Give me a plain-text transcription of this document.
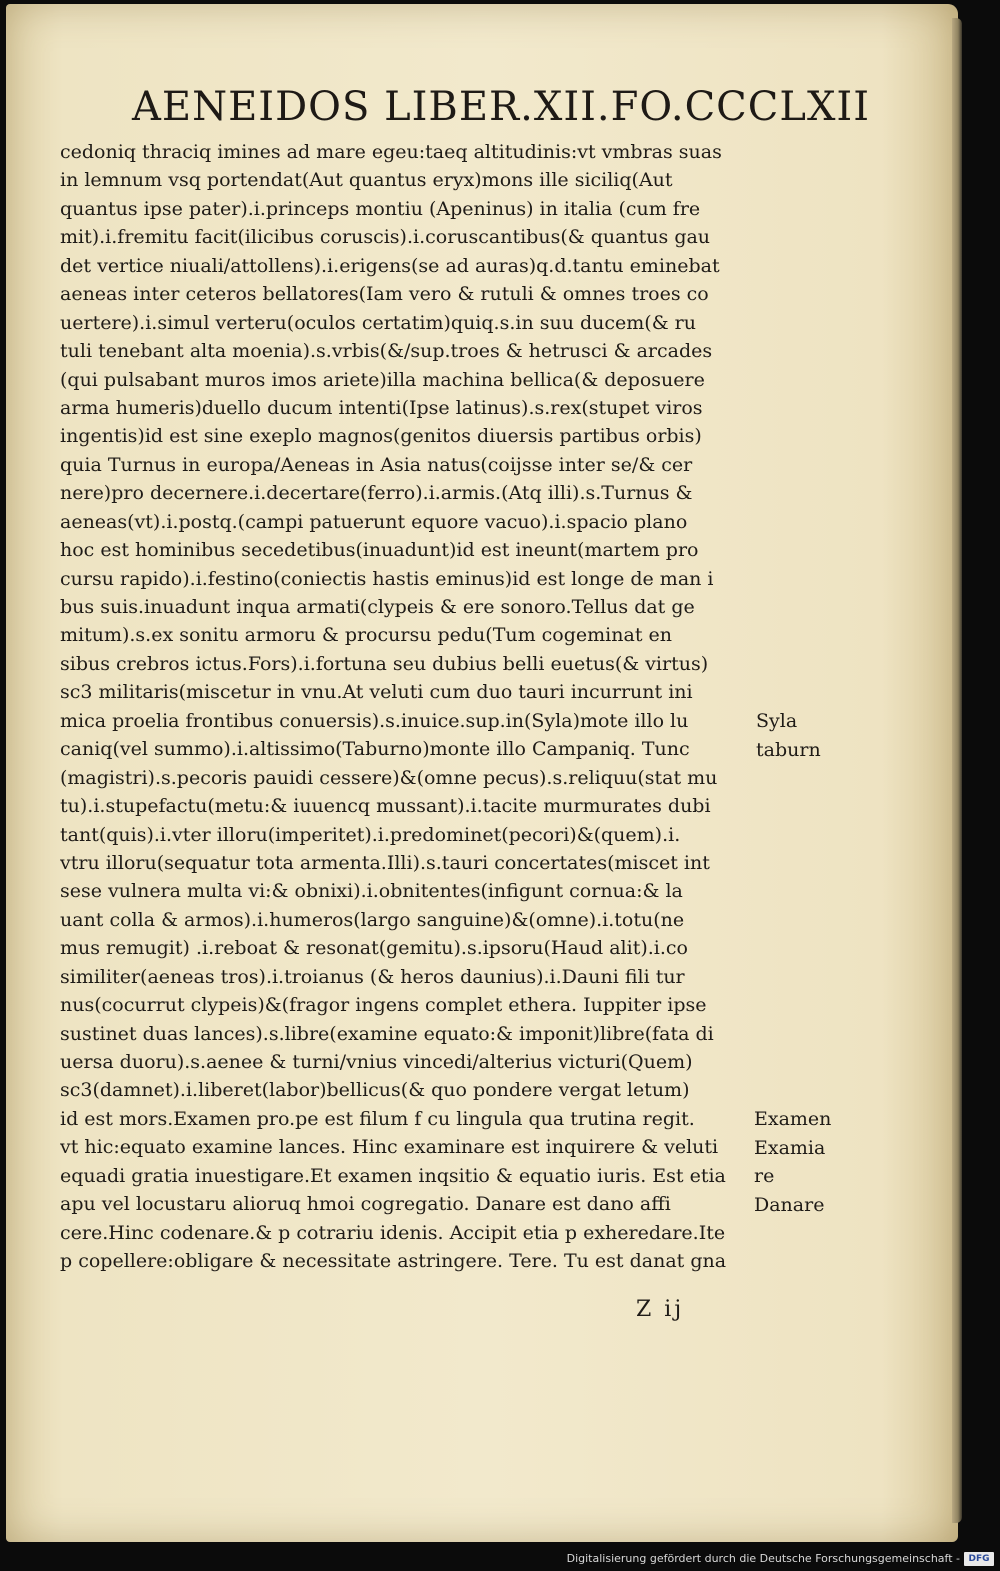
AENEIDOS LIBER.XII.FO.CCCLXII
cedoniq thraciq imines ad mare egeu:taeq altitudinis:vt vmbras suas
in lemnum vsq portendat(Aut quantus eryx)mons ille siciliq(Aut
quantus ipse pater).i.princeps montiu (Apeninus) in italia (cum fre
mit).i.fremitu facit(ilicibus coruscis).i.coruscantibus(& quantus gau
det vertice niuali/attollens).i.erigens(se ad auras)q.d.tantu eminebat
aeneas inter ceteros bellatores(Iam vero & rutuli & omnes troes co
uertere).i.simul verteru(oculos certatim)quiq.s.in suu ducem(& ru
tuli tenebant alta moenia).s.vrbis(&/sup.troes & hetrusci & arcades
(qui pulsabant muros imos ariete)illa machina bellica(& deposuere
arma humeris)duello ducum intenti(Ipse latinus).s.rex(stupet viros
ingentis)id est sine exeplo magnos(genitos diuersis partibus orbis)
quia Turnus in europa/Aeneas in Asia natus(coijsse inter se/& cer
nere)pro decernere.i.decertare(ferro).i.armis.(Atq illi).s.Turnus &
aeneas(vt).i.postq.(campi patuerunt equore vacuo).i.spacio plano
hoc est hominibus secedetibus(inuadunt)id est ineunt(martem pro
cursu rapido).i.festino(coniectis hastis eminus)id est longe de man i
bus suis.inuadunt inqua armati(clypeis & ere sonoro.Tellus dat ge
mitum).s.ex sonitu armoru & procursu pedu(Tum cogeminat en
sibus crebros ictus.Fors).i.fortuna seu dubius belli euetus(& virtus)
sc3 militaris(miscetur in vnu.At veluti cum duo tauri incurrunt ini
mica proelia frontibus conuersis).s.inuice.sup.in(Syla)mote illo lu
caniq(vel summo).i.altissimo(Taburno)monte illo Campaniq. Tunc
(magistri).s.pecoris pauidi cessere)&(omne pecus).s.reliquu(stat mu
tu).i.stupefactu(metu:& iuuencq mussant).i.tacite murmurates dubi
tant(quis).i.vter illoru(imperitet).i.predominet(pecori)&(quem).i.
vtru illoru(sequatur tota armenta.Illi).s.tauri concertates(miscet int
sese vulnera multa vi:& obnixi).i.obnitentes(infigunt cornua:& la
uant colla & armos).i.humeros(largo sanguine)&(omne).i.totu(ne
mus remugit) .i.reboat & resonat(gemitu).s.ipsoru(Haud alit).i.co
similiter(aeneas tros).i.troianus (& heros daunius).i.Dauni fili tur
nus(cocurrut clypeis)&(fragor ingens complet ethera. Iuppiter ipse
sustinet duas lances).s.libre(examine equato:& imponit)libre(fata di
uersa duoru).s.aenee & turni/vnius vincedi/alterius victuri(Quem)
sc3(damnet).i.liberet(labor)bellicus(& quo pondere vergat letum)
id est mors.Examen pro.pe est filum f cu lingula qua trutina regit.
vt hic:equato examine lances. Hinc examinare est inquirere & veluti
equadi gratia inuestigare.Et examen inqsitio & equatio iuris. Est etia
apu vel locustaru alioruq hmoi cogregatio. Danare est dano affi
cere.Hinc codenare.& p cotrariu idenis. Accipit etia p exheredare.Ite
p copellere:obligare & necessitate astringere. Tere. Tu est danat gna
Syla
taburn
Examen
Examia
re
Danare
Z ij
Digitalisierung gefördert durch die Deutsche Forschungsgemeinschaft - DFG
